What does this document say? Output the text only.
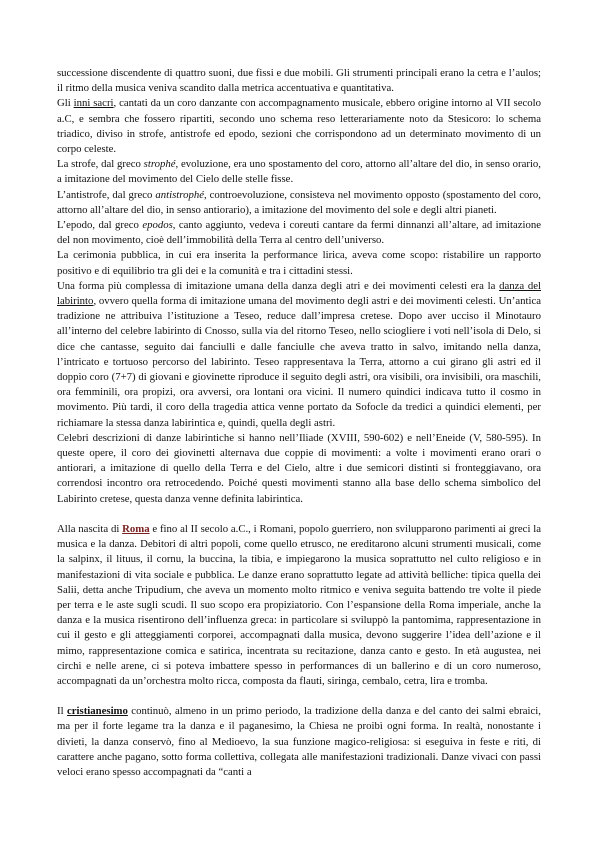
successione discendente di quattro suoni, due fissi e due mobili. Gli strumenti principali erano la cetra e l’aulos; il ritmo della musica veniva scandito dalla metrica accentuativa e quantitativa.

Gli inni sacri, cantati da un coro danzante con accompagnamento musicale, ebbero origine intorno al VII secolo a.C, e sembra che fossero ripartiti, secondo uno schema reso letterariamente noto da Stesicoro: lo schema triadico, diviso in strofe, antistrofe ed epodo, sezioni che corrispondono ad un determinato movimento di un corpo celeste.

La strofe, dal greco strophé, evoluzione, era uno spostamento del coro, attorno all’altare del dio, in senso orario, a imitazione del movimento del Cielo delle stelle fisse.

L’antistrofe, dal greco antistrophé, controevoluzione, consisteva nel movimento opposto (spostamento del coro, attorno all’altare del dio, in senso antiorario), a imitazione del movimento del sole e degli altri pianeti.

L’epodo, dal greco epodos, canto aggiunto, vedeva i coreuti cantare da fermi dinnanzi all’altare, ad imitazione del non movimento, cioè dell’immobilità della Terra al centro dell’universo.

La cerimonia pubblica, in cui era inserita la performance lirica, aveva come scopo: ristabilire un rapporto positivo e di equilibrio tra gli dei e la comunità e tra i cittadini stessi.

Una forma più complessa di imitazione umana della danza degli atri e dei movimenti celesti era la danza del labirinto, ovvero quella forma di imitazione umana del movimento degli astri e dei movimenti celesti. Un’antica tradizione ne attribuiva l’istituzione a Teseo, reduce dall’impresa cretese. Dopo aver ucciso il Minotauro all’interno del celebre labirinto di Cnosso, sulla via del ritorno Teseo, nello sciogliere i voti nell’isola di Delo, si dice che cantasse, seguito dai fanciulli e dalle fanciulle che aveva tratto in salvo, imitando nella danza, l’intricato e tortuoso percorso del labirinto. Teseo rappresentava la Terra, attorno a cui girano gli astri ed il doppio coro (7+7) di giovani e giovinette riproduce il seguito degli astri, ora visibili, ora invisibili, ora maschili, ora femminili, ora propizi, ora avversi, ora lontani ora vicini. Il numero quindici indicava tutto il cosmo in movimento. Più tardi, il coro della tragedia attica venne portato da Sofocle da tredici a quindici elementi, per richiamare la stessa danza labirintica e, quindi, quella degli astri.

Celebri descrizioni di danze labirintiche si hanno nell’Iliade (XVIII, 590-602) e nell’Eneide (V, 580-595). In queste opere, il coro dei giovinetti alternava due coppie di movimenti: a volte i movimenti erano orari o antiorari, a imitazione di quello della Terra e del Cielo, altre i due semicori distinti si fronteggiavano, ora correndosi incontro ora retrocedendo. Poiché questi movimenti stanno alla base dello schema simbolico del Labirinto cretese, questa danza venne definita labirintica.

Alla nascita di Roma e fino al II secolo a.C., i Romani, popolo guerriero, non svilupparono parimenti ai greci la musica e la danza. Debitori di altri popoli, come quello etrusco, ne ereditarono alcuni strumenti musicali, come la salpinx, il lituus, il cornu, la buccina, la tibia, e impiegarono la musica soprattutto nel culto religioso e in manifestazioni di vita sociale e pubblica. Le danze erano soprattutto legate ad attività belliche: tipica quella dei Salii, detta anche Tripudium, che aveva un momento molto ritmico e veniva seguita battendo tre volte il piede per terra e le aste sugli scudi. Il suo scopo era propiziatorio. Con l’espansione della Roma imperiale, anche la danza e la musica risentirono dell’influenza greca: in particolare si sviluppò la pantomima, rappresentazione in cui il gesto e gli atteggiamenti corporei, accompagnati dalla musica, devono suggerire l’idea dell’azione e il mimo, rappresentazione comica e satirica, incentrata su recitazione, danza canto e gesto. In età augustea, nei circhi e nelle arene, ci si poteva imbattere spesso in performances di un ballerino e di un coro numeroso, accompagnati da un’orchestra molto ricca, composta da flauti, siringa, cembalo, cetra, lira e tromba.

Il cristianesimo continuò, almeno in un primo periodo, la tradizione della danza e del canto dei salmi ebraici, ma per il forte legame tra la danza e il paganesimo, la Chiesa ne proibì ogni forma. In realtà, nonostante i divieti, la danza conservò, fino al Medioevo, la sua funzione magico-religiosa: si eseguiva in feste e riti, di carattere anche pagano, sotto forma collettiva, collegata alle manifestazioni tradizionali. Danze vivaci con passi veloci erano spesso accompagnati da “canti a
